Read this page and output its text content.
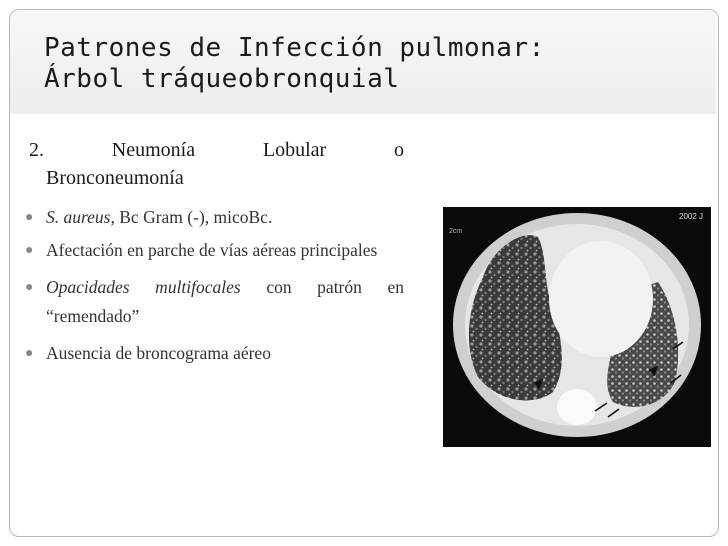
Patrones de Infección pulmonar:
Árbol tráqueobronquial
2.	Neumonía	Lobular	o
Bronconeumonía
● S. aureus, Bc Gram (-), micoBc.
● Afectación en parche de vías aéreas principales
● Opacidades multifocales con patrón en “remendado”
● Ausencia de broncograma aéreo
2002 J
2cm
